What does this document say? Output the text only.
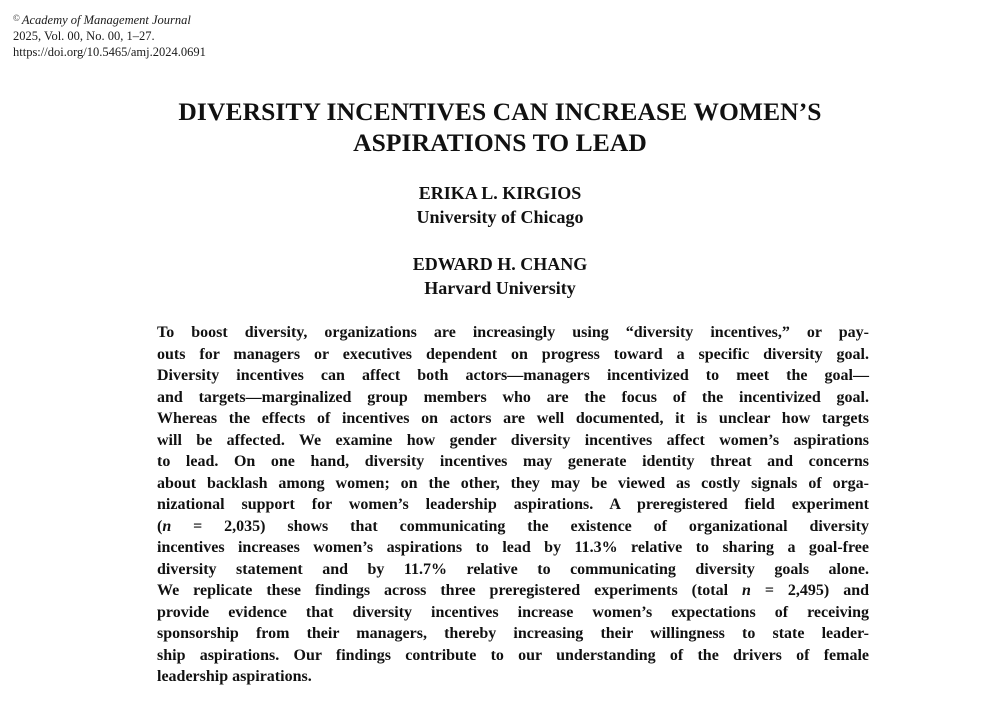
© Academy of Management Journal
2025, Vol. 00, No. 00, 1–27.
https://doi.org/10.5465/amj.2024.0691
DIVERSITY INCENTIVES CAN INCREASE WOMEN’S
ASPIRATIONS TO LEAD
ERIKA L. KIRGIOS
University of Chicago
EDWARD H. CHANG
Harvard University
To boost diversity, organizations are increasingly using “diversity incentives,” or pay-
outs for managers or executives dependent on progress toward a specific diversity goal.
Diversity incentives can affect both actors—managers incentivized to meet the goal—
and targets—marginalized group members who are the focus of the incentivized goal.
Whereas the effects of incentives on actors are well documented, it is unclear how targets
will be affected. We examine how gender diversity incentives affect women’s aspirations
to lead. On one hand, diversity incentives may generate identity threat and concerns
about backlash among women; on the other, they may be viewed as costly signals of orga-
nizational support for women’s leadership aspirations. A preregistered field experiment
(n = 2,035) shows that communicating the existence of organizational diversity
incentives increases women’s aspirations to lead by 11.3% relative to sharing a goal-free
diversity statement and by 11.7% relative to communicating diversity goals alone.
We replicate these findings across three preregistered experiments (total n = 2,495) and
provide evidence that diversity incentives increase women’s expectations of receiving
sponsorship from their managers, thereby increasing their willingness to state leader-
ship aspirations. Our findings contribute to our understanding of the drivers of female
leadership aspirations.
